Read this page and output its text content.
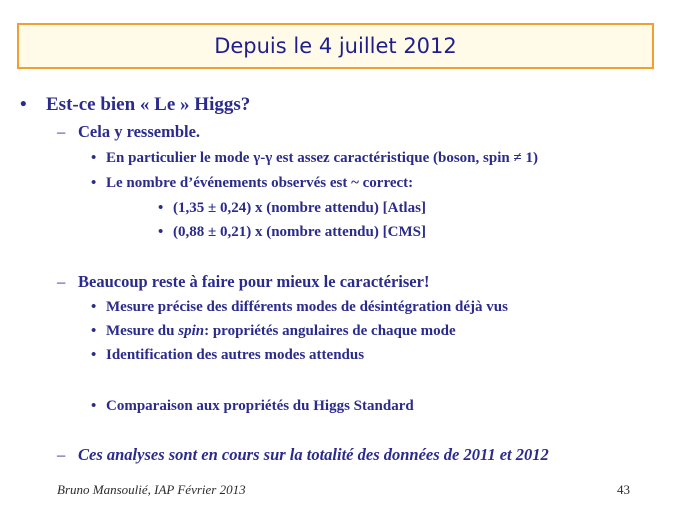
Depuis le 4 juillet 2012
• Est-ce bien « Le » Higgs?
– Cela y ressemble.
• En particulier le mode γ-γ est assez caractéristique (boson, spin ≠ 1)
• Le nombre d’événements observés est ~ correct:
• (1,35 ± 0,24) x (nombre attendu) [Atlas]
• (0,88 ± 0,21) x (nombre attendu) [CMS]
– Beaucoup reste à faire pour mieux le caractériser!
• Mesure précise des différents modes de désintégration déjà vus
• Mesure du spin: propriétés angulaires de chaque mode
• Identification des autres modes attendus
• Comparaison aux propriétés du Higgs Standard
– Ces analyses sont en cours sur la totalité des données de 2011 et 2012
Bruno Mansoulié, IAP Février 2013	43
